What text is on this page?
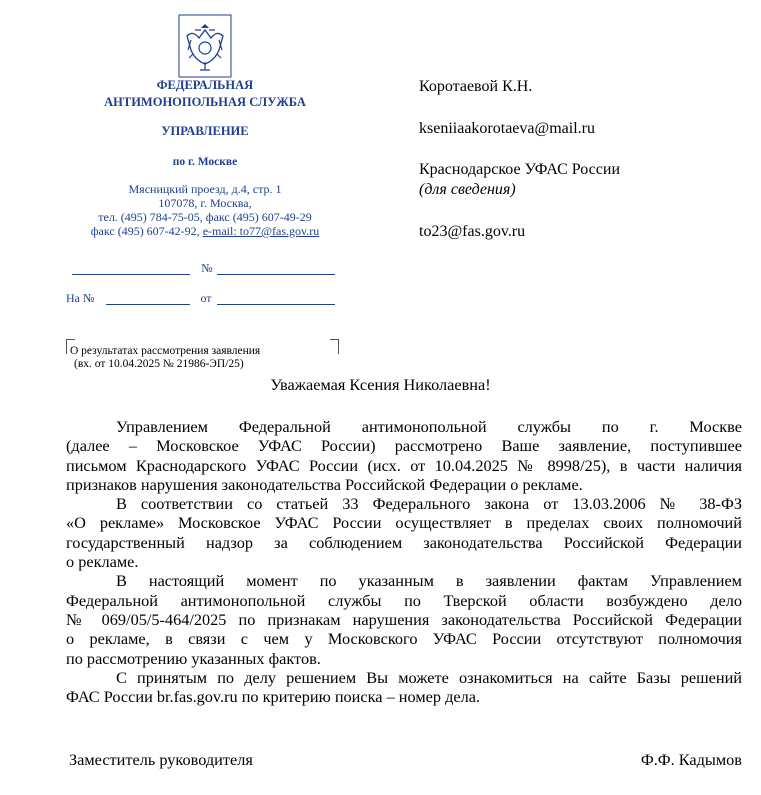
ФЕДЕРАЛЬНАЯ
АНТИМОНОПОЛЬНАЯ СЛУЖБА
УПРАВЛЕНИЕ
по г. Москве
Мясницкий проезд, д.4, стр. 1
107078, г. Москва,
тел. (495) 784-75-05, факс (495) 607-49-29
факс (495) 607-42-92, e-mail: to77@fas.gov.ru
№
На №	от
О результатах рассмотрения заявления
(вх. от 10.04.2025 № 21986-ЭП/25)
Коротаевой К.Н.
kseniiaakorotaeva@mail.ru
Краснодарское УФАС России
(для сведения)
to23@fas.gov.ru
Уважаемая Ксения Николаевна!

Управлением Федеральной антимонопольной службы по г. Москве
(далее – Московское УФАС России) рассмотрено Ваше заявление, поступившее
письмом Краснодарского УФАС России (исх. от 10.04.2025 № 8998/25), в части наличия
признаков нарушения законодательства Российской Федерации о рекламе.

В соответствии со статьей 33 Федерального закона от 13.03.2006 № 38-ФЗ
«О рекламе» Московское УФАС России осуществляет в пределах своих полномочий
государственный надзор за соблюдением законодательства Российской Федерации
о рекламе.

В настоящий момент по указанным в заявлении фактам Управлением
Федеральной антимонопольной службы по Тверской области возбуждено дело
№ 069/05/5-464/2025 по признакам нарушения законодательства Российской Федерации
о рекламе, в связи с чем у Московского УФАС России отсутствуют полномочия
по рассмотрению указанных фактов.

С принятым по делу решением Вы можете ознакомиться на сайте Базы решений
ФАС России br.fas.gov.ru по критерию поиска – номер дела.

Заместитель руководителя	Ф.Ф. Кадымов
